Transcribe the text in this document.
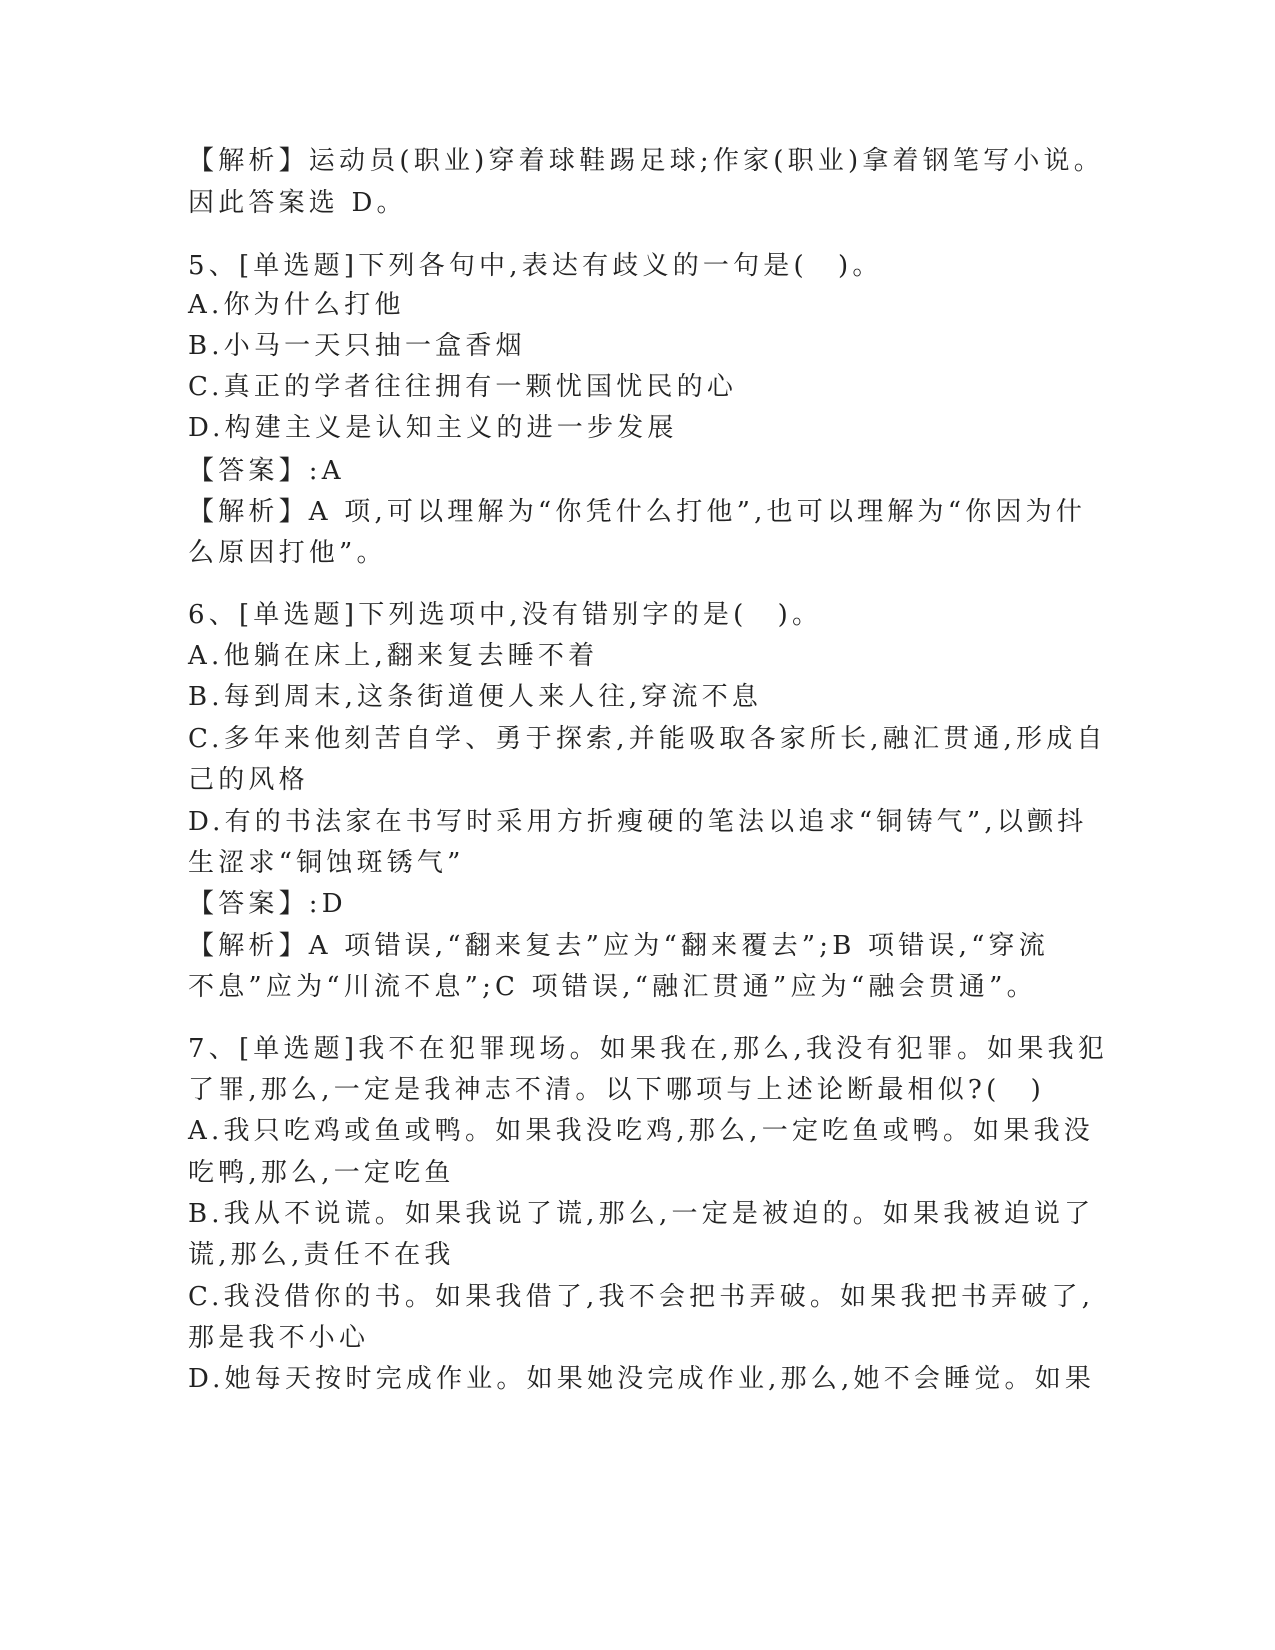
【解析】运动员(职业)穿着球鞋踢足球;作家(职业)拿着钢笔写小说。
因此答案选 D。
5、[单选题]下列各句中,表达有歧义的一句是(　)。
A.你为什么打他
B.小马一天只抽一盒香烟
C.真正的学者往往拥有一颗忧国忧民的心
D.构建主义是认知主义的进一步发展
【答案】:A
【解析】A 项,可以理解为“你凭什么打他”,也可以理解为“你因为什
么原因打他”。
6、[单选题]下列选项中,没有错别字的是(　)。
A.他躺在床上,翻来复去睡不着
B.每到周末,这条街道便人来人往,穿流不息
C.多年来他刻苦自学、勇于探索,并能吸取各家所长,融汇贯通,形成自
己的风格
D.有的书法家在书写时采用方折瘦硬的笔法以追求“铜铸气”,以颤抖
生涩求“铜蚀斑锈气”
【答案】:D
【解析】A 项错误,“翻来复去”应为“翻来覆去”;B 项错误,“穿流
不息”应为“川流不息”;C 项错误,“融汇贯通”应为“融会贯通”。
7、[单选题]我不在犯罪现场。如果我在,那么,我没有犯罪。如果我犯
了罪,那么,一定是我神志不清。以下哪项与上述论断最相似?(　)
A.我只吃鸡或鱼或鸭。如果我没吃鸡,那么,一定吃鱼或鸭。如果我没
吃鸭,那么,一定吃鱼
B.我从不说谎。如果我说了谎,那么,一定是被迫的。如果我被迫说了
谎,那么,责任不在我
C.我没借你的书。如果我借了,我不会把书弄破。如果我把书弄破了,
那是我不小心
D.她每天按时完成作业。如果她没完成作业,那么,她不会睡觉。如果
